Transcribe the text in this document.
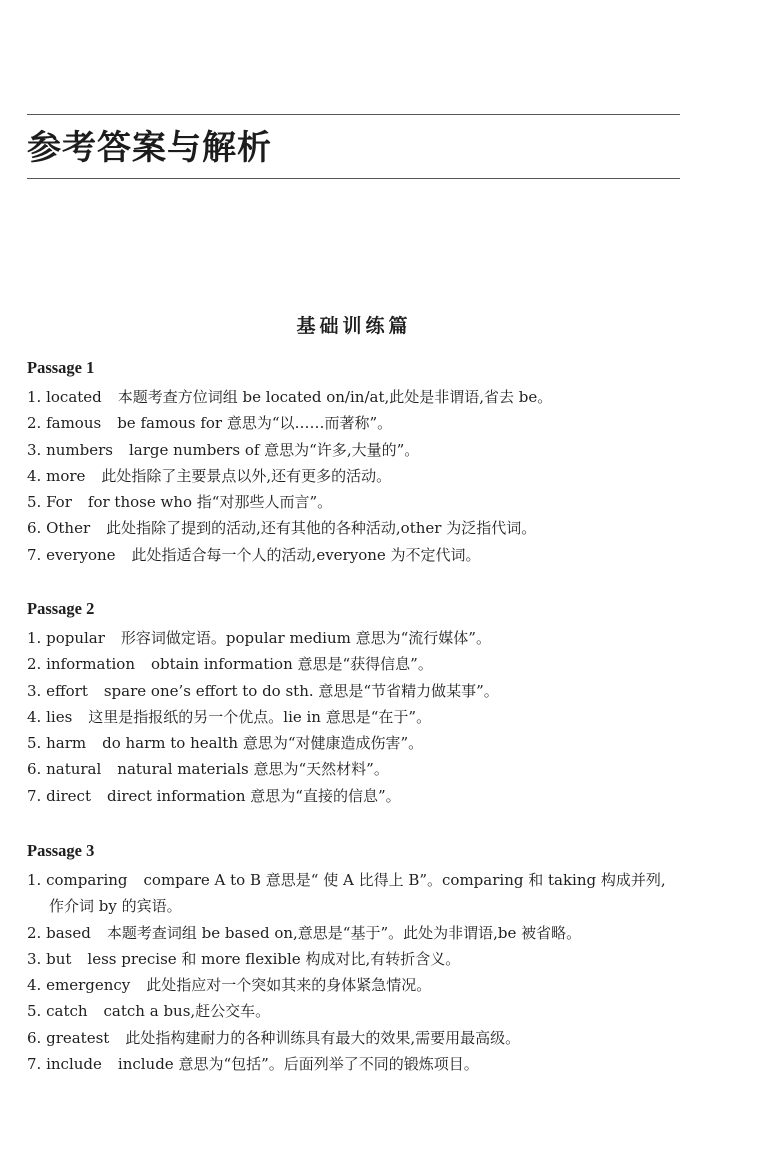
参考答案与解析
基础训练篇
Passage 1
1. located 本题考查方位词组 be located on/in/at,此处是非谓语,省去 be。
2. famous be famous for 意思为“以……而著称”。
3. numbers large numbers of 意思为“许多,大量的”。
4. more 此处指除了主要景点以外,还有更多的活动。
5. For for those who 指“对那些人而言”。
6. Other 此处指除了提到的活动,还有其他的各种活动,other 为泛指代词。
7. everyone 此处指适合每一个人的活动,everyone 为不定代词。
Passage 2
1. popular 形容词做定语。popular medium 意思为“流行媒体”。
2. information obtain information 意思是“获得信息”。
3. effort spare one’s effort to do sth. 意思是“节省精力做某事”。
4. lies 这里是指报纸的另一个优点。lie in 意思是“在于”。
5. harm do harm to health 意思为“对健康造成伤害”。
6. natural natural materials 意思为“天然材料”。
7. direct direct information 意思为“直接的信息”。
Passage 3
1. comparing compare A to B 意思是“ 使 A 比得上 B”。comparing 和 taking 构成并列,
作介词 by 的宾语。
2. based 本题考查词组 be based on,意思是“基于”。此处为非谓语,be 被省略。
3. but less precise 和 more flexible 构成对比,有转折含义。
4. emergency 此处指应对一个突如其来的身体紧急情况。
5. catch catch a bus,赶公交车。
6. greatest 此处指构建耐力的各种训练具有最大的效果,需要用最高级。
7. include include 意思为“包括”。后面列举了不同的锻炼项目。
